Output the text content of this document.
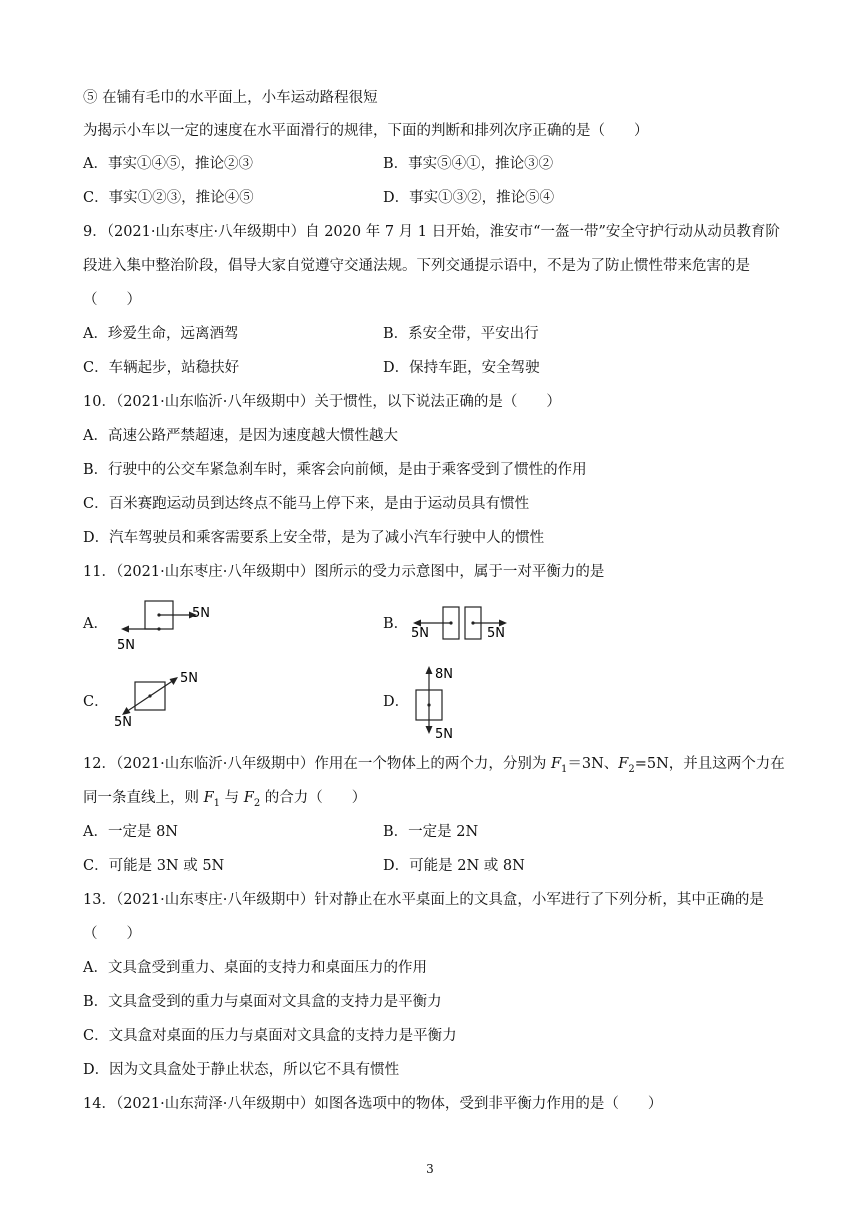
⑤ 在铺有毛巾的水平面上，小车运动路程很短
为揭示小车以一定的速度在水平面滑行的规律，下面的判断和排列次序正确的是（　　）
A．事实①④⑤，推论②③	B．事实⑤④①，推论③②
C．事实①②③，推论④⑤	D．事实①③②，推论⑤④
9．（2021·山东枣庄·八年级期中）自 2020 年 7 月 1 日开始，淮安市“一盔一带”安全守护行动从动员教育阶
段进入集中整治阶段，倡导大家自觉遵守交通法规。下列交通提示语中，不是为了防止惯性带来危害的是
（　　）
A．珍爱生命，远离酒驾	B．系安全带，平安出行
C．车辆起步，站稳扶好	D．保持车距，安全驾驶
10．（2021·山东临沂·八年级期中）关于惯性，以下说法正确的是（　　）
A．高速公路严禁超速，是因为速度越大惯性越大
B．行驶中的公交车紧急刹车时，乘客会向前倾，是由于乘客受到了惯性的作用
C．百米赛跑运动员到达终点不能马上停下来，是由于运动员具有惯性
D．汽车驾驶员和乘客需要系上安全带，是为了减小汽车行驶中人的惯性
11．（2021·山东枣庄·八年级期中）图所示的受力示意图中，属于一对平衡力的是
A．
5N
5N
B．
5N	5N
C．
5N
5N
D．
8N
5N
12．（2021·山东临沂·八年级期中）作用在一个物体上的两个力，分别为 $F_1=3N$、$F_2=5N$，并且这两个力在
同一条直线上，则 $F_1$ 与 $F_2$ 的合力（　　）
A．一定是 8N	B．一定是 2N
C．可能是 3N 或 5N	D．可能是 2N 或 8N
13．（2021·山东枣庄·八年级期中）针对静止在水平桌面上的文具盒，小军进行了下列分析，其中正确的是
（　　）
A．文具盒受到重力、桌面的支持力和桌面压力的作用
B．文具盒受到的重力与桌面对文具盒的支持力是平衡力
C．文具盒对桌面的压力与桌面对文具盒的支持力是平衡力
D．因为文具盒处于静止状态，所以它不具有惯性
14．（2021·山东菏泽·八年级期中）如图各选项中的物体，受到非平衡力作用的是（　　）
3
